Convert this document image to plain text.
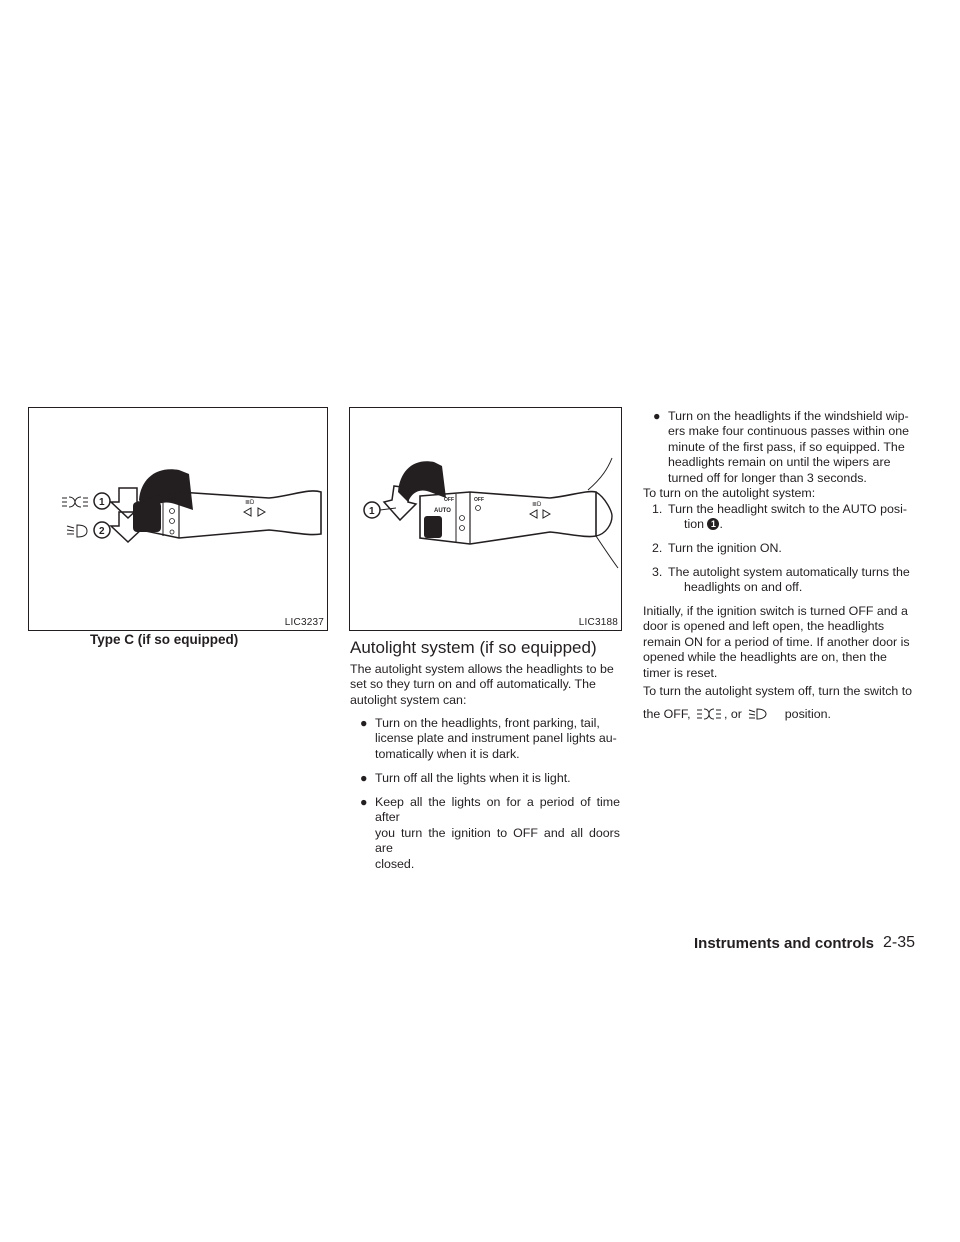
OFF	≣D
1
2
LIC3237
Type C (if so equipped)
1
OFF	OFF
AUTO
≣D
LIC3188
Autolight system (if so equipped)

The autolight system allows the headlights to be

set so they turn on and off automatically. The

autolight system can:

● Turn on the headlights, front parking, tail,
license plate and instrument panel lights au-
tomatically when it is dark.
● Turn off all the lights when it is light.
● Keep all the lights on for a period of time after
you turn the ignition to OFF and all doors are
closed.
● Turn on the headlights if the windshield wip-
ers make four continuous passes within one
minute of the first pass, if so equipped. The
headlights remain on until the wipers are
turned off for longer than 3 seconds.

To turn on the autolight system:

1. Turn the headlight switch to the AUTO posi-
tion 1 .
2. Turn the ignition ON.
3. The autolight system automatically turns the
headlights on and off.
Initially, if the ignition switch is turned OFF and a
door is opened and left open, the headlights
remain ON for a period of time. If another door is
opened while the headlights are on, then the
timer is reset.
To turn the autolight system off, turn the switch to
the OFF,	, or	position.
Instruments and controls 2-35
